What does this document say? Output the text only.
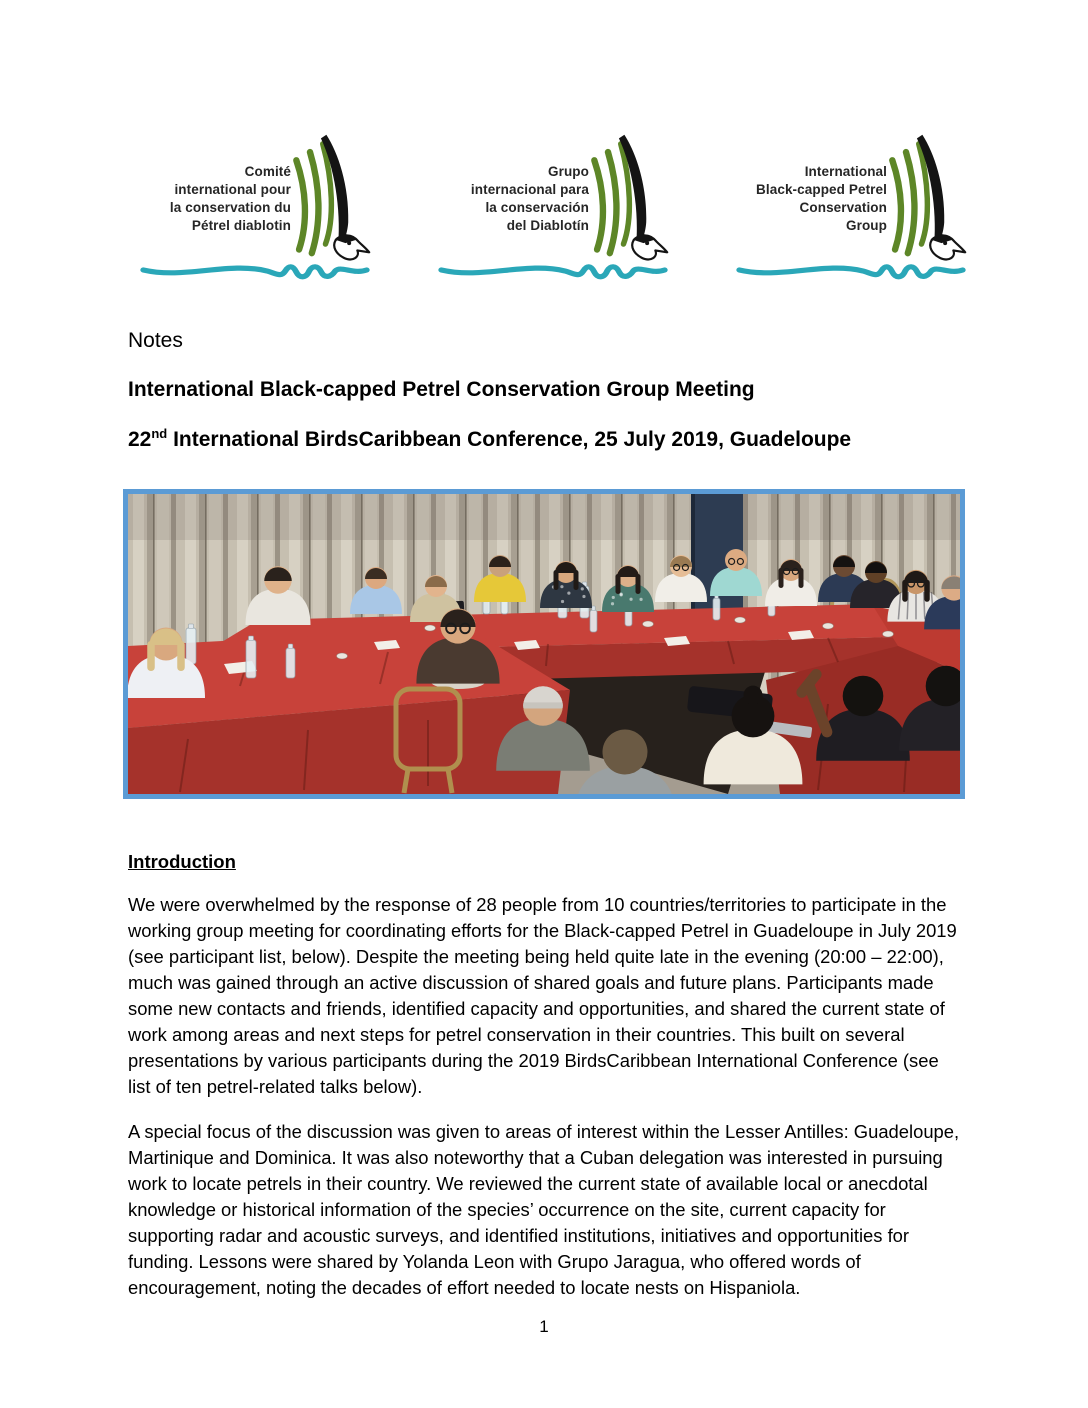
Comité
international pour
la conservation du
Pétrel diablotin
Grupo
internacional para
la conservación
del Diablotín
International
Black-capped Petrel
Conservation
Group

Notes

International Black-capped Petrel Conservation Group Meeting
22nd International BirdsCaribbean Conference, 25 July 2019, Guadeloupe
Introduction

We were overwhelmed by the response of 28 people from 10 countries/territories to participate in the working group meeting for coordinating efforts for the Black-capped Petrel in Guadeloupe in July 2019 (see participant list, below). Despite the meeting being held quite late in the evening (20:00 – 22:00), much was gained through an active discussion of shared goals and future plans. Participants made some new contacts and friends, identified capacity and opportunities, and shared the current state of work among areas and next steps for petrel conservation in their countries. This built on several presentations by various participants during the 2019 BirdsCaribbean International Conference (see list of ten petrel-related talks below).

A special focus of the discussion was given to areas of interest within the Lesser Antilles: Guadeloupe, Martinique and Dominica. It was also noteworthy that a Cuban delegation was interested in pursuing work to locate petrels in their country. We reviewed the current state of available local or anecdotal knowledge or historical information of the species’ occurrence on the site, current capacity for supporting radar and acoustic surveys, and identified institutions, initiatives and opportunities for funding. Lessons were shared by Yolanda Leon with Grupo Jaragua, who offered words of encouragement, noting the decades of effort needed to locate nests on Hispaniola.

1
